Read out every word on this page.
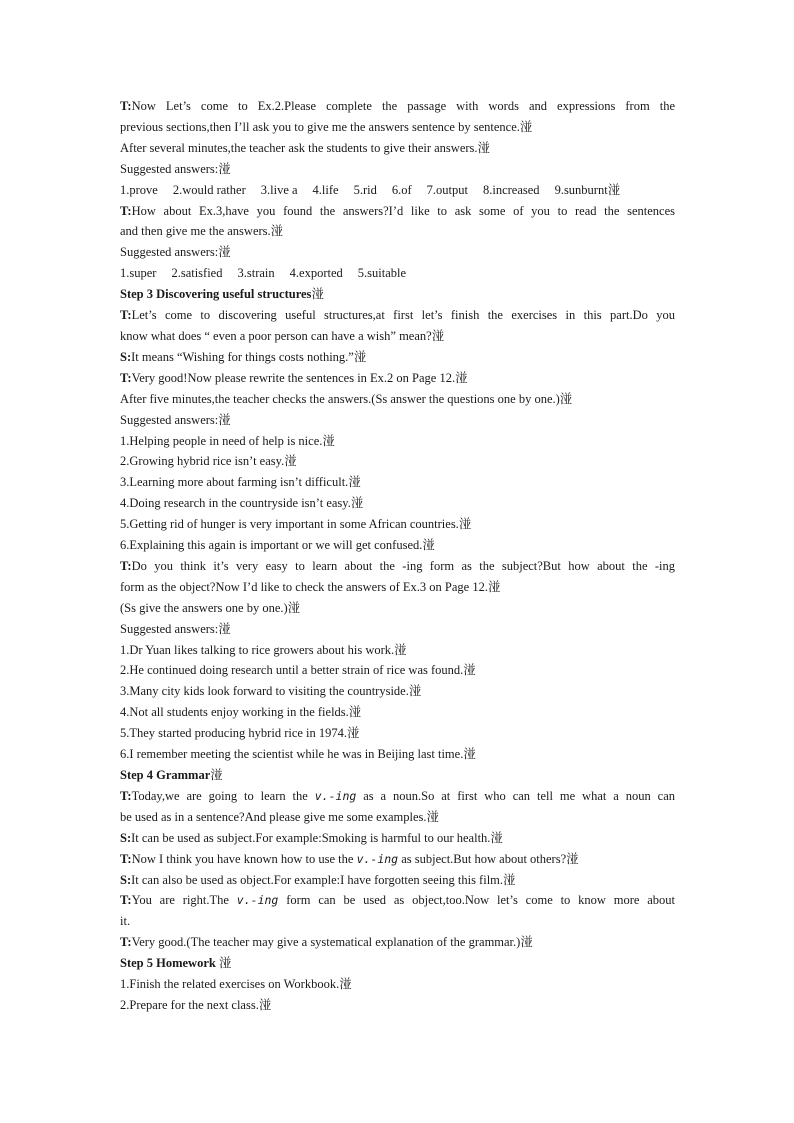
T:Now Let’s come to Ex.2.Please complete the passage with words and expressions from the
previous sections,then I’ll ask you to give me the answers sentence by sentence.湴
After several minutes,the teacher ask the students to give their answers.湴
Suggested answers:湴
1.prove 2.would rather 3.live a 4.life 5.rid 6.of 7.output 8.increased 9.sunburnt湴
T:How about Ex.3,have you found the answers?I’d like to ask some of you to read the sentences
and then give me the answers.湴
Suggested answers:湴
1.super 2.satisfied 3.strain 4.exported 5.suitable
Step 3 Discovering useful structures湴
T:Let’s come to discovering useful structures,at first let’s finish the exercises in this part.Do you
know what does “ even a poor person can have a wish” mean?湴
S:It means “Wishing for things costs nothing.”湴
T:Very good!Now please rewrite the sentences in Ex.2 on Page 12.湴
After five minutes,the teacher checks the answers.(Ss answer the questions one by one.)湴
Suggested answers:湴
1.Helping people in need of help is nice.湴
2.Growing hybrid rice isn’t easy.湴
3.Learning more about farming isn’t difficult.湴
4.Doing research in the countryside isn’t easy.湴
5.Getting rid of hunger is very important in some African countries.湴
6.Explaining this again is important or we will get confused.湴
T:Do you think it’s very easy to learn about the -ing form as the subject?But how about the -ing
form as the object?Now I’d like to check the answers of Ex.3 on Page 12.湴
(Ss give the answers one by one.)湴
Suggested answers:湴
1.Dr Yuan likes talking to rice growers about his work.湴
2.He continued doing research until a better strain of rice was found.湴
3.Many city kids look forward to visiting the countryside.湴
4.Not all students enjoy working in the fields.湴
5.They started producing hybrid rice in 1974.湴
6.I remember meeting the scientist while he was in Beijing last time.湴
Step 4 Grammar湴
T:Today,we are going to learn the v.-ing as a noun.So at first who can tell me what a noun can
be used as in a sentence?And please give me some examples.湴
S:It can be used as subject.For example:Smoking is harmful to our health.湴
T:Now I think you have known how to use the v.-ing as subject.But how about others?湴
S:It can also be used as object.For example:I have forgotten seeing this film.湴
T:You are right.The v.-ing form can be used as object,too.Now let’s come to know more about
it.
T:Very good.(The teacher may give a systematical explanation of the grammar.)湴
Step 5 Homework 湴
1.Finish the related exercises on Workbook.湴
2.Prepare for the next class.湴
